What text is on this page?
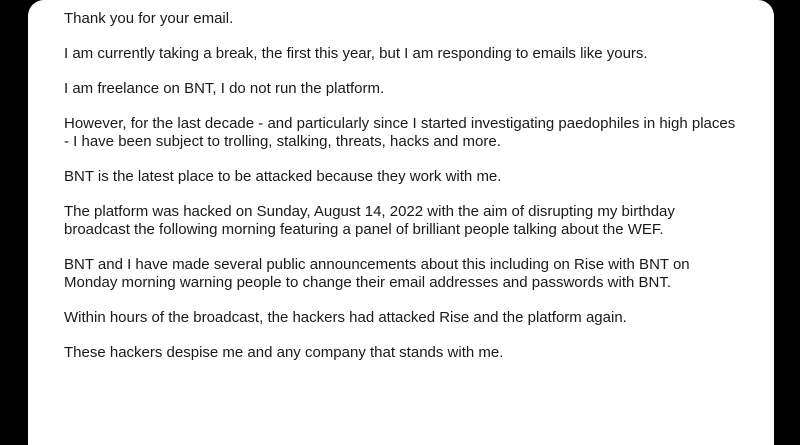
Thank you for your email.

I am currently taking a break, the first this year, but I am responding to emails like yours.

I am freelance on BNT, I do not run the platform.

However, for the last decade - and particularly since I started investigating paedophiles in high places - I have been subject to trolling, stalking, threats, hacks and more.

BNT is the latest place to be attacked because they work with me.

The platform was hacked on Sunday, August 14, 2022 with the aim of disrupting my birthday broadcast the following morning featuring a panel of brilliant people talking about the WEF.

BNT and I have made several public announcements about this including on Rise with BNT on Monday morning warning people to change their email addresses and passwords with BNT.

Within hours of the broadcast, the hackers had attacked Rise and the platform again.

These hackers despise me and any company that stands with me.
